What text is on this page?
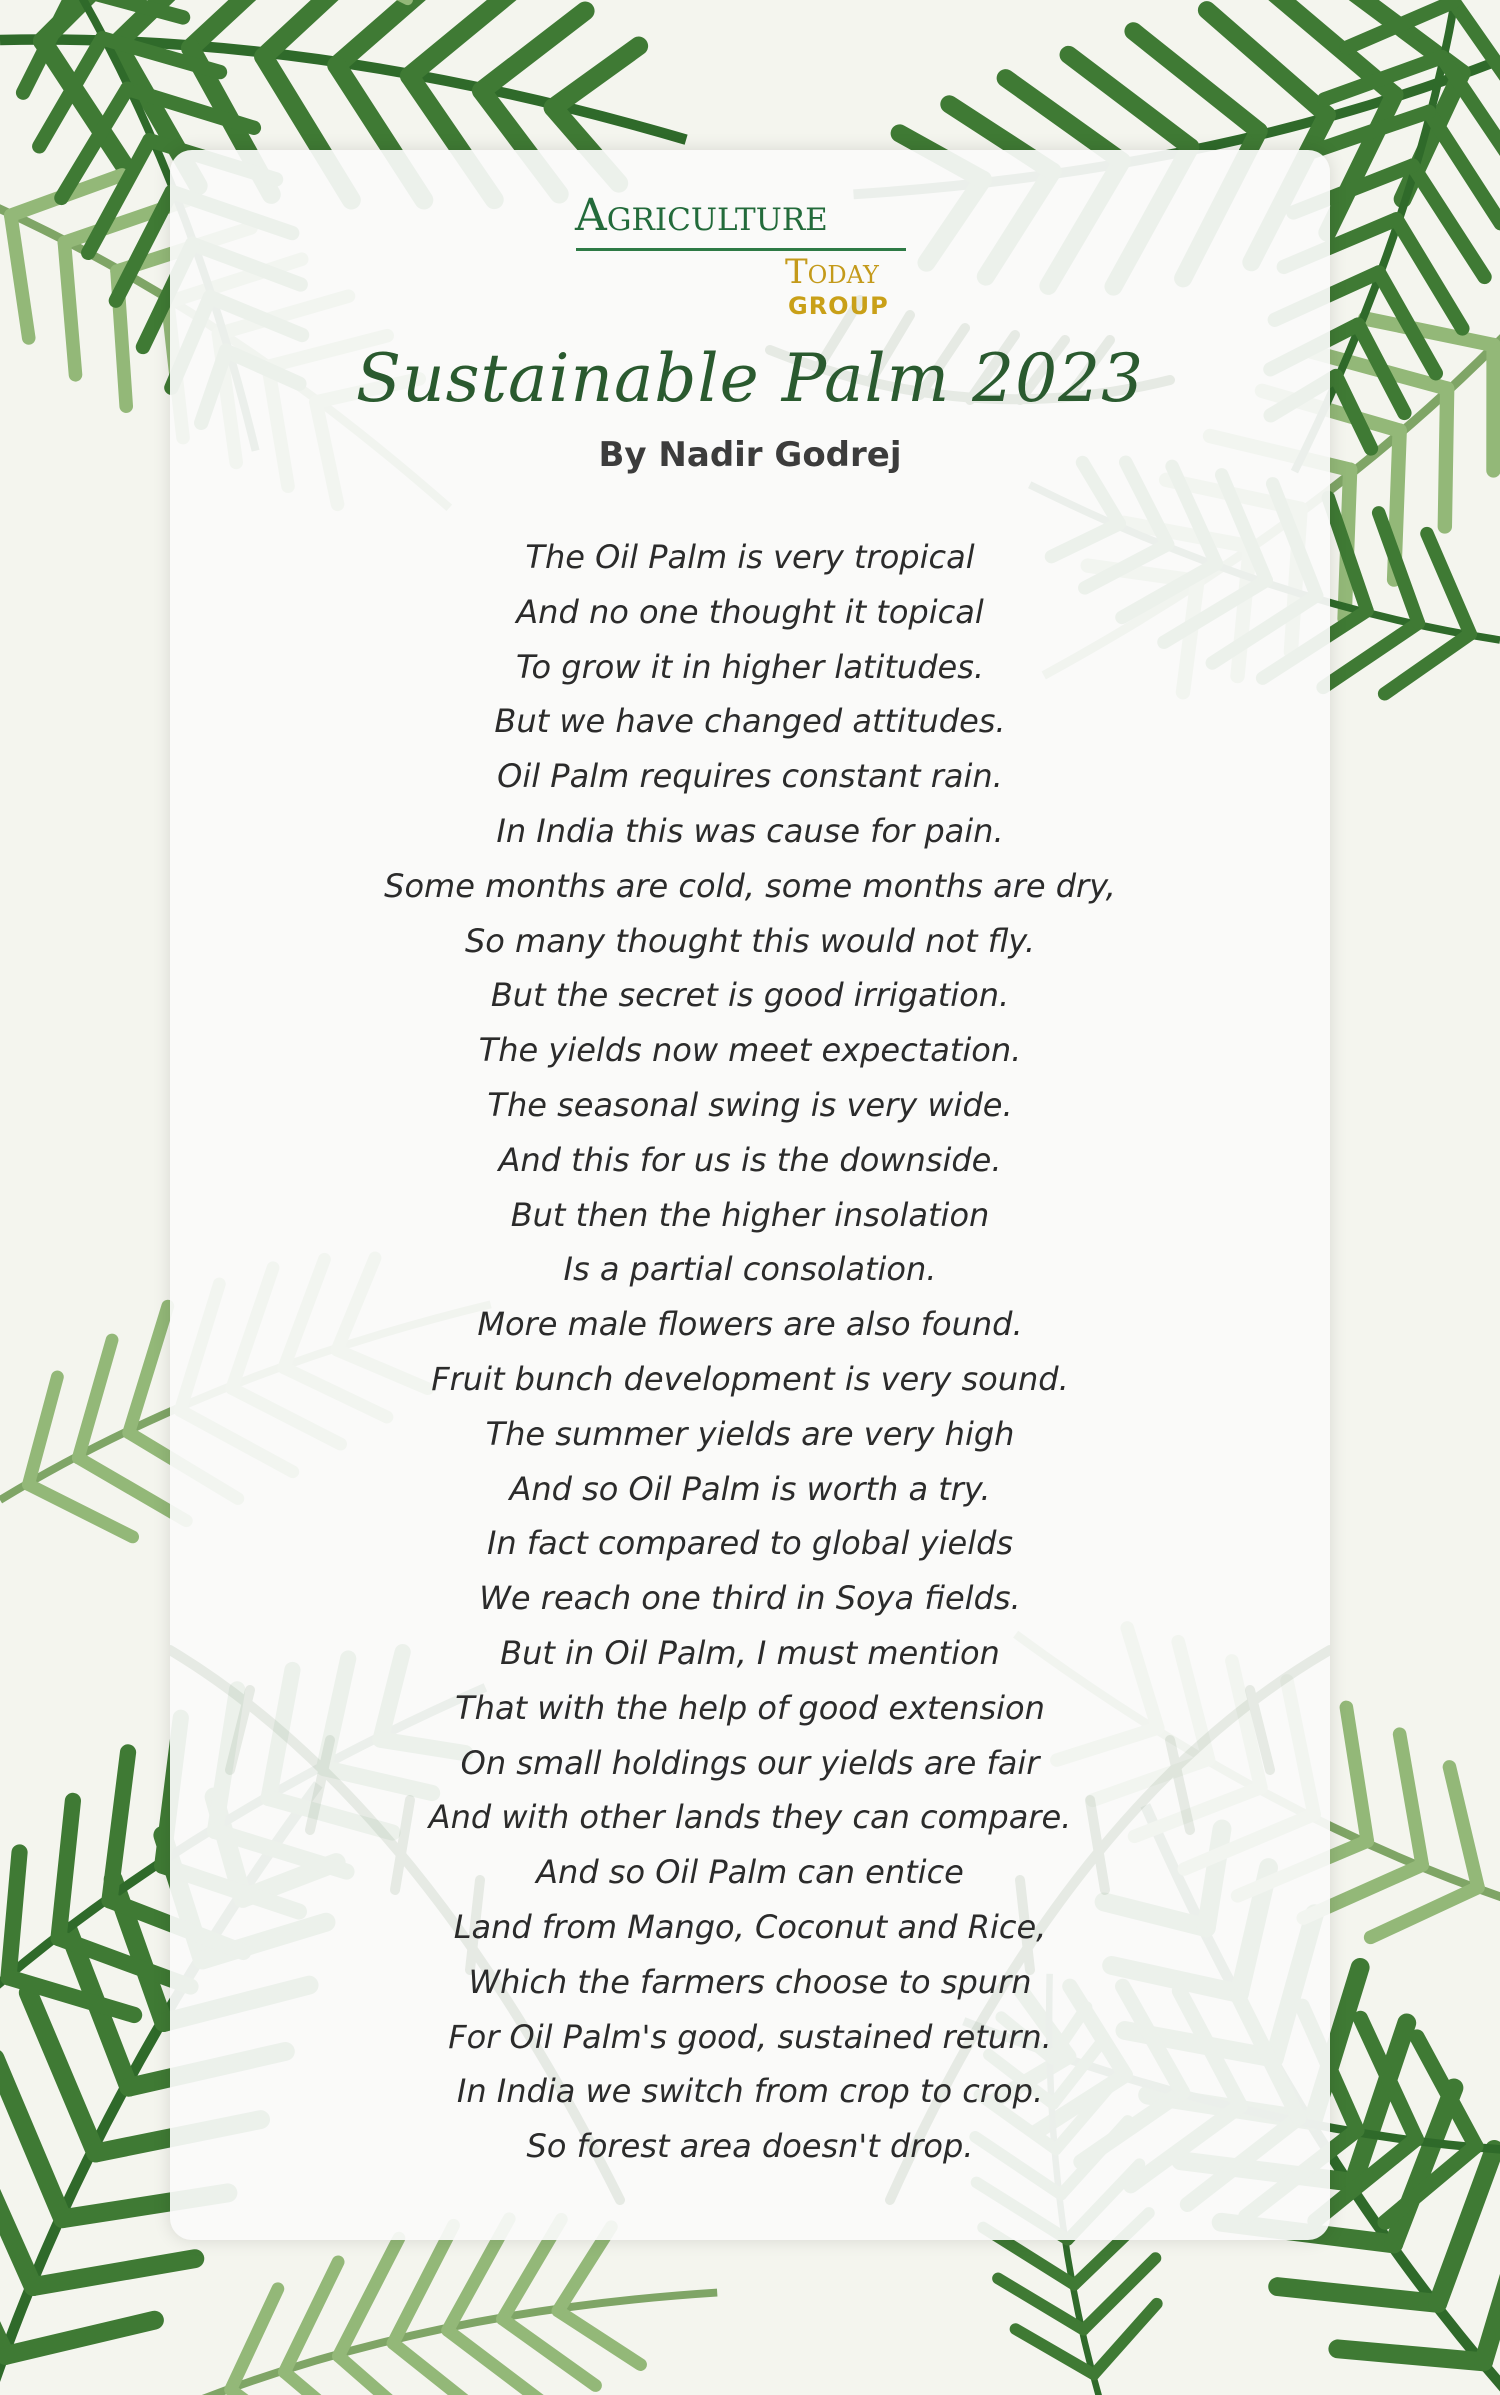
Agriculture
Today
GROUP
Sustainable Palm 2023
By Nadir Godrej
The Oil Palm is very tropical
And no one thought it topical
To grow it in higher latitudes.
But we have changed attitudes.
Oil Palm requires constant rain.
In India this was cause for pain.
Some months are cold, some months are dry,
So many thought this would not fly.
But the secret is good irrigation.
The yields now meet expectation.
The seasonal swing is very wide.
And this for us is the downside.
But then the higher insolation
Is a partial consolation.
More male flowers are also found.
Fruit bunch development is very sound.
The summer yields are very high
And so Oil Palm is worth a try.
In fact compared to global yields
We reach one third in Soya fields.
But in Oil Palm, I must mention
That with the help of good extension
On small holdings our yields are fair
And with other lands they can compare.
And so Oil Palm can entice
Land from Mango, Coconut and Rice,
Which the farmers choose to spurn
For Oil Palm's good, sustained return.
In India we switch from crop to crop.
So forest area doesn't drop.
